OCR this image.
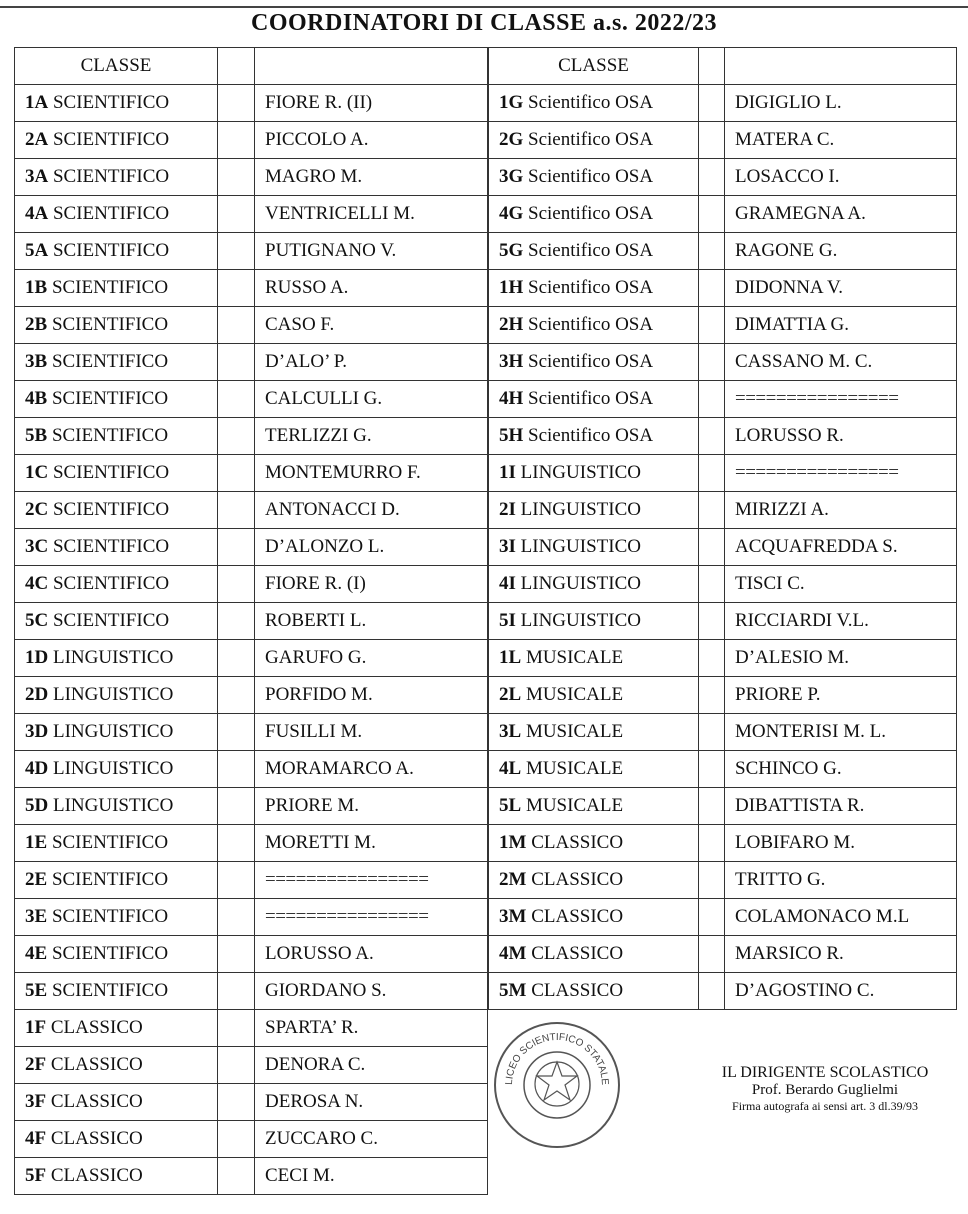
COORDINATORI DI CLASSE a.s. 2022/23
CLASSE		
1A SCIENTIFICO		FIORE R. (II)
2A SCIENTIFICO		PICCOLO A.
3A SCIENTIFICO		MAGRO M.
4A SCIENTIFICO		VENTRICELLI M.
5A SCIENTIFICO		PUTIGNANO V.
1B SCIENTIFICO		RUSSO A.
2B SCIENTIFICO		CASO F.
3B SCIENTIFICO		D’ALO’ P.
4B SCIENTIFICO		CALCULLI G.
5B SCIENTIFICO		TERLIZZI G.
1C SCIENTIFICO		MONTEMURRO F.
2C SCIENTIFICO		ANTONACCI D.
3C SCIENTIFICO		D’ALONZO L.
4C SCIENTIFICO		FIORE R. (I)
5C SCIENTIFICO		ROBERTI L.
1D LINGUISTICO		GARUFO G.
2D LINGUISTICO		PORFIDO M.
3D LINGUISTICO		FUSILLI M.
4D LINGUISTICO		MORAMARCO A.
5D LINGUISTICO		PRIORE M.
1E SCIENTIFICO		MORETTI M.
2E SCIENTIFICO		================
3E SCIENTIFICO		================
4E SCIENTIFICO		LORUSSO A.
5E SCIENTIFICO		GIORDANO S.
1F CLASSICO		SPARTA’ R.
2F CLASSICO		DENORA C.
3F CLASSICO		DEROSA N.
4F CLASSICO		ZUCCARO C.
5F CLASSICO		CECI M.
CLASSE		
1G Scientifico OSA		DIGIGLIO L.
2G Scientifico OSA		MATERA C.
3G Scientifico OSA		LOSACCO I.
4G Scientifico OSA		GRAMEGNA A.
5G Scientifico OSA		RAGONE G.
1H Scientifico OSA		DIDONNA V.
2H Scientifico OSA		DIMATTIA G.
3H Scientifico OSA		CASSANO M. C.
4H Scientifico OSA		================
5H Scientifico OSA		LORUSSO R.
1I LINGUISTICO		================
2I LINGUISTICO		MIRIZZI A.
3I LINGUISTICO		ACQUAFREDDA S.
4I LINGUISTICO		TISCI C.
5I LINGUISTICO		RICCIARDI V.L.
1L MUSICALE		D’ALESIO M.
2L MUSICALE		PRIORE P.
3L MUSICALE		MONTERISI M. L.
4L MUSICALE		SCHINCO G.
5L MUSICALE		DIBATTISTA R.
1M CLASSICO		LOBIFARO M.
2M CLASSICO		TRITTO G.
3M CLASSICO		COLAMONACO M.L
4M CLASSICO		MARSICO R.
5M CLASSICO		D’AGOSTINO C.
LICEO SCIENTIFICO STATALE
IL DIRIGENTE SCOLASTICO
Prof. Berardo Guglielmi
Firma autografa ai sensi art. 3 dl.39/93
